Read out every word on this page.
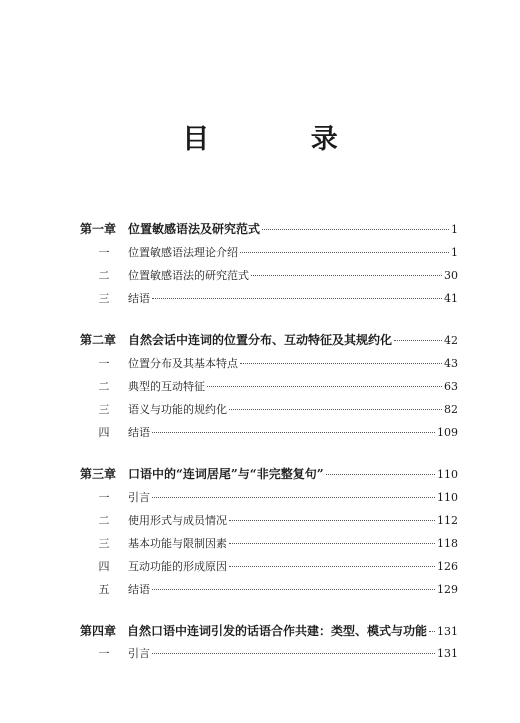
目 录
第一章 位置敏感语法及研究范式	1
一	位置敏感语法理论介绍	1
二	位置敏感语法的研究范式	30
三	结语	41
第二章 自然会话中连词的位置分布、互动特征及其规约化	42
一	位置分布及其基本特点	43
二	典型的互动特征	63
三	语义与功能的规约化	82
四	结语	109
第三章 口语中的“连词居尾”与“非完整复句”	110
一	引言	110
二	使用形式与成员情况	112
三	基本功能与限制因素	118
四	互动功能的形成原因	126
五	结语	129
第四章 自然口语中连词引发的话语合作共建：类型、模式与功能 131
一	引言	131
